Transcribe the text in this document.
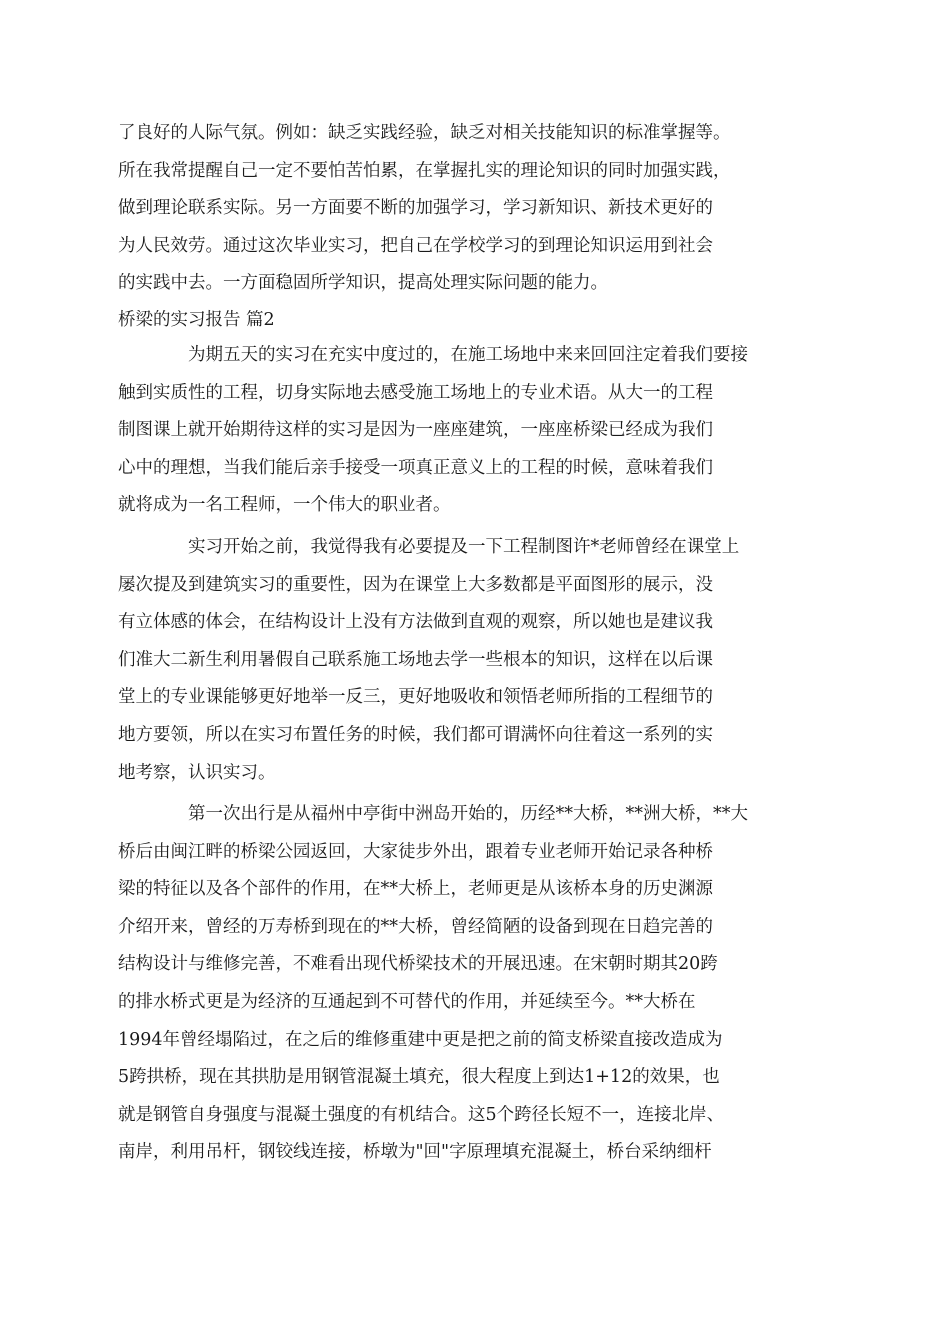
了良好的人际气氛。例如：缺乏实践经验，缺乏对相关技能知识的标准掌握等。
所在我常提醒自己一定不要怕苦怕累，在掌握扎实的理论知识的同时加强实践，
做到理论联系实际。另一方面要不断的加强学习，学习新知识、新技术更好的
为人民效劳。通过这次毕业实习，把自己在学校学习的到理论知识运用到社会
的实践中去。一方面稳固所学知识，提高处理实际问题的能力。
桥梁的实习报告 篇2
为期五天的实习在充实中度过的，在施工场地中来来回回注定着我们要接
触到实质性的工程，切身实际地去感受施工场地上的专业术语。从大一的工程
制图课上就开始期待这样的实习是因为一座座建筑，一座座桥梁已经成为我们
心中的理想，当我们能后亲手接受一项真正意义上的工程的时候，意味着我们
就将成为一名工程师，一个伟大的职业者。
实习开始之前，我觉得我有必要提及一下工程制图许*老师曾经在课堂上
屡次提及到建筑实习的重要性，因为在课堂上大多数都是平面图形的展示，没
有立体感的体会，在结构设计上没有方法做到直观的观察，所以她也是建议我
们准大二新生利用暑假自己联系施工场地去学一些根本的知识，这样在以后课
堂上的专业课能够更好地举一反三，更好地吸收和领悟老师所指的工程细节的
地方要领，所以在实习布置任务的时候，我们都可谓满怀向往着这一系列的实
地考察，认识实习。
第一次出行是从福州中亭街中洲岛开始的，历经**大桥，**洲大桥，**大
桥后由闽江畔的桥梁公园返回，大家徒步外出，跟着专业老师开始记录各种桥
梁的特征以及各个部件的作用，在**大桥上，老师更是从该桥本身的历史渊源
介绍开来，曾经的万寿桥到现在的**大桥，曾经简陋的设备到现在日趋完善的
结构设计与维修完善，不难看出现代桥梁技术的开展迅速。在宋朝时期其20跨
的排水桥式更是为经济的互通起到不可替代的作用，并延续至今。**大桥在
1994年曾经塌陷过，在之后的维修重建中更是把之前的简支桥梁直接改造成为
5跨拱桥，现在其拱肋是用钢管混凝土填充，很大程度上到达1+12的效果，也
就是钢管自身强度与混凝土强度的有机结合。这5个跨径长短不一，连接北岸、
南岸，利用吊杆，钢铰线连接，桥墩为"回"字原理填充混凝土，桥台采纳细杆
